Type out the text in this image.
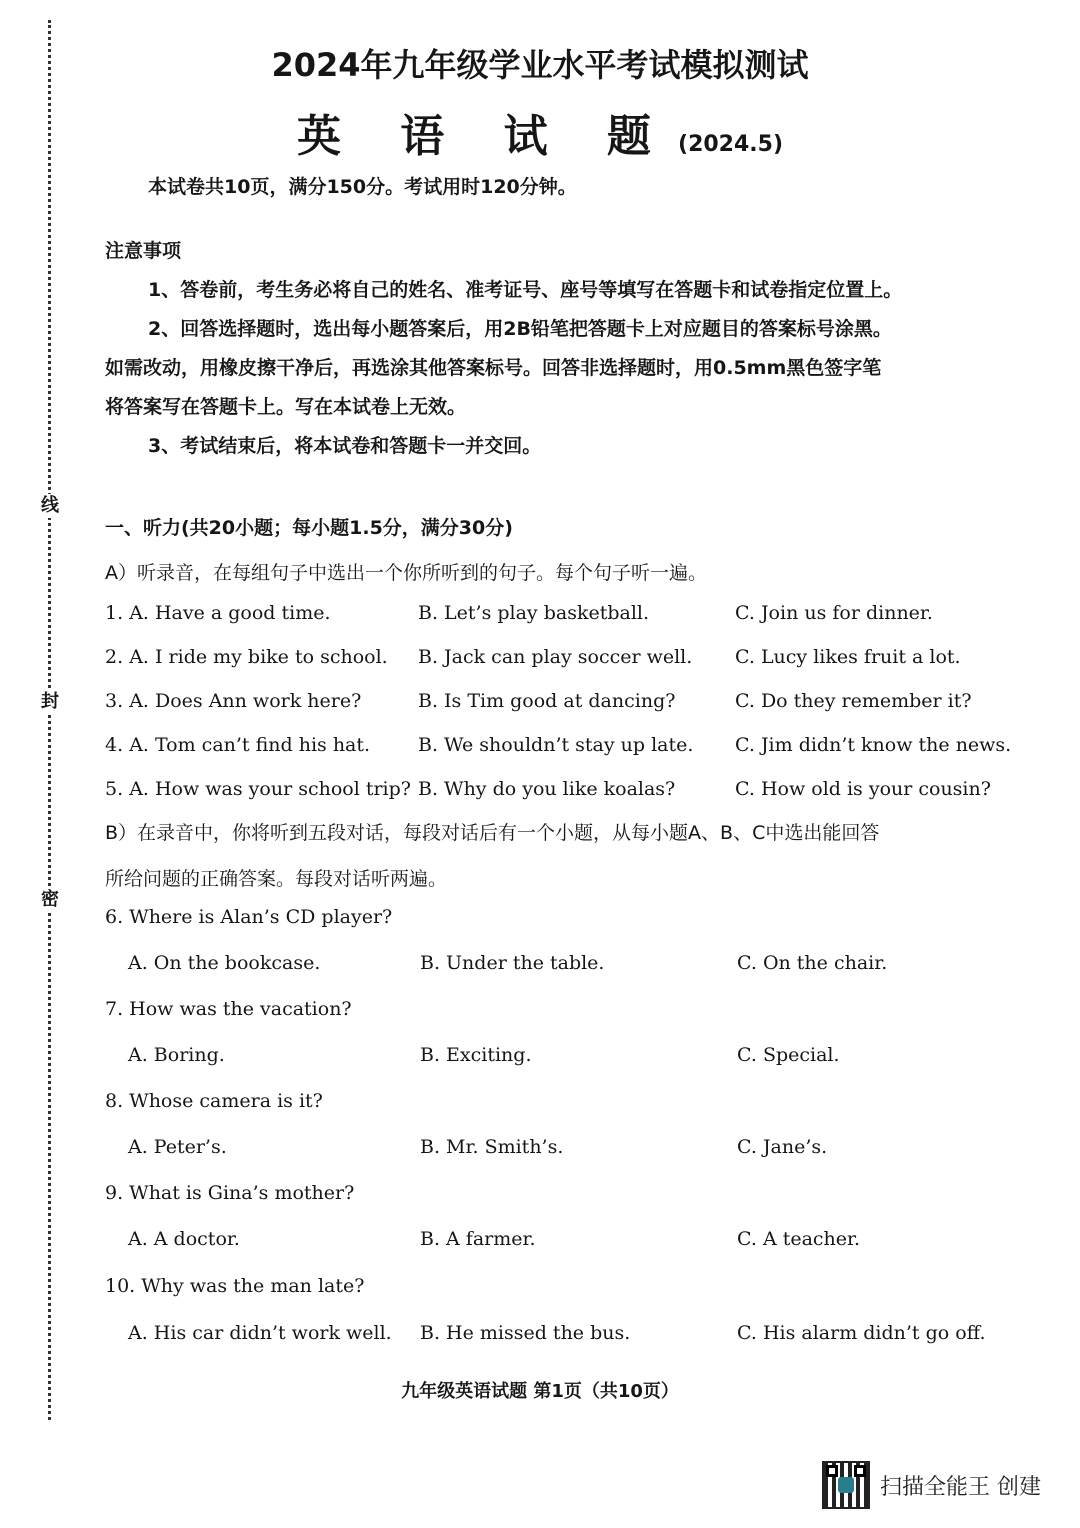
线
封
密
2024年九年级学业水平考试模拟测试
英 语 试 题 (2024.5)
本试卷共10页，满分150分。考试用时120分钟。
注意事项
1、答卷前，考生务必将自己的姓名、准考证号、座号等填写在答题卡和试卷指定位置上。
2、回答选择题时，选出每小题答案后，用2B铅笔把答题卡上对应题目的答案标号涂黑。
如需改动，用橡皮擦干净后，再选涂其他答案标号。回答非选择题时，用0.5mm黑色签字笔
将答案写在答题卡上。写在本试卷上无效。
3、考试结束后，将本试卷和答题卡一并交回。
一、听力(共20小题；每小题1.5分，满分30分)
A）听录音，在每组句子中选出一个你所听到的句子。每个句子听一遍。
1. A. Have a good time.	B. Let’s play basketball.	C. Join us for dinner.
2. A. I ride my bike to school. B. Jack can play soccer well. C. Lucy likes fruit a lot.
3. A. Does Ann work here?	B. Is Tim good at dancing?	C. Do they remember it?
4. A. Tom can’t find his hat.	B. We shouldn’t stay up late. C. Jim didn’t know the news.
5. A. How was your school trip? B. Why do you like koalas?	C. How old is your cousin?
B）在录音中，你将听到五段对话，每段对话后有一个小题，从每小题A、B、C中选出能回答
所给问题的正确答案。每段对话听两遍。
6. Where is Alan’s CD player?
A. On the bookcase.	B. Under the table.	C. On the chair.
7. How was the vacation?
A. Boring.	B. Exciting.	C. Special.
8. Whose camera is it?
A. Peter’s.	B. Mr. Smith’s.	C. Jane’s.
9. What is Gina’s mother?
A. A doctor.	B. A farmer.	C. A teacher.
10. Why was the man late?
A. His car didn’t work well. B. He missed the bus.	C. His alarm didn’t go off.
九年级英语试题 第1页（共10页）
扫描全能王 创建
